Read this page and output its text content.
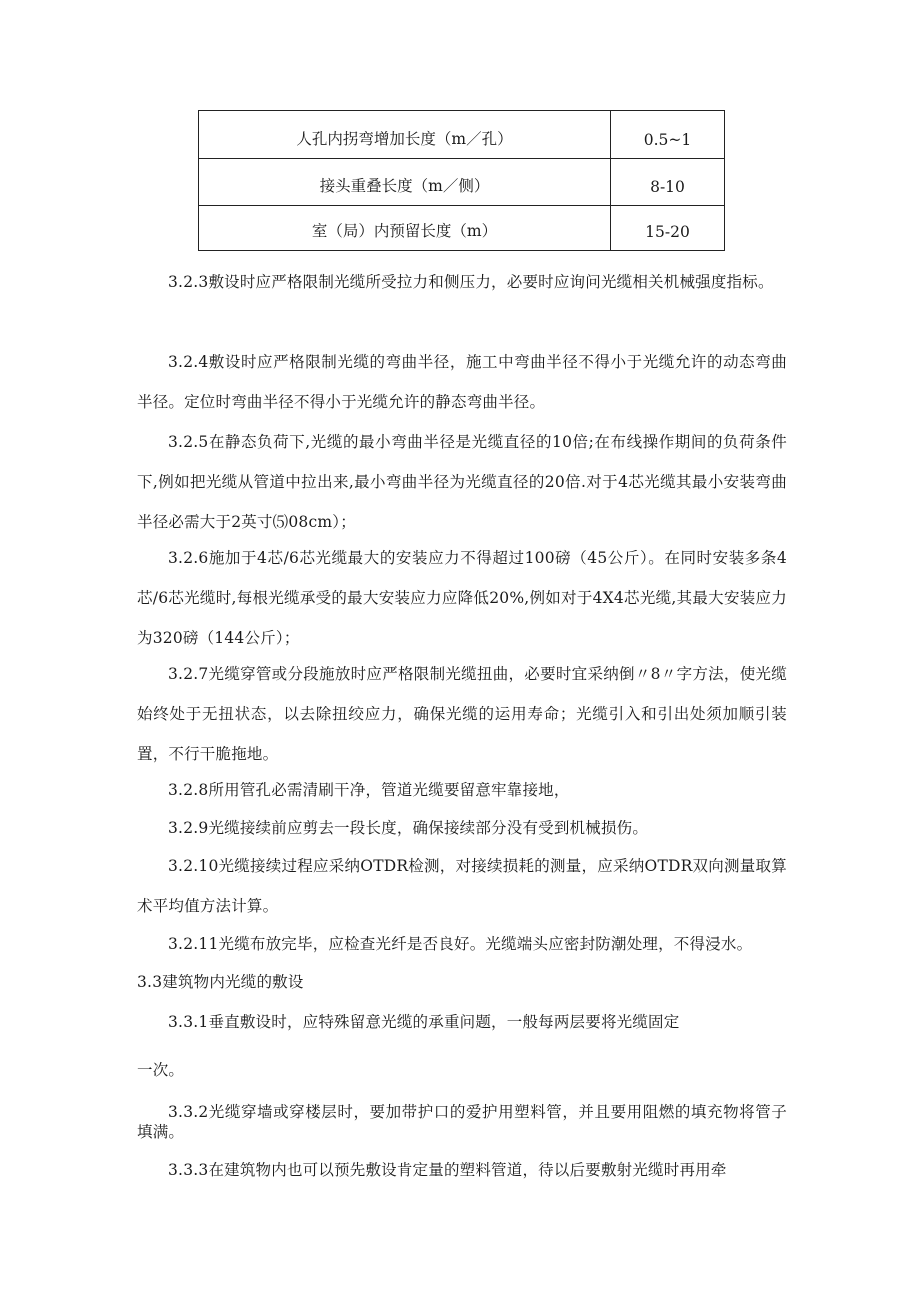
人孔内拐弯增加长度（m／孔）	0.5~1
接头重叠长度（m／侧）	8-10
室（局）内预留长度（m）	15-20

3.2.3敷设时应严格限制光缆所受拉力和侧压力，必要时应询问光缆相关机械强度指标。

3.2.4敷设时应严格限制光缆的弯曲半径，施工中弯曲半径不得小于光缆允许的动态弯曲半径。定位时弯曲半径不得小于光缆允许的静态弯曲半径。

3.2.5在静态负荷下,光缆的最小弯曲半径是光缆直径的10倍;在布线操作期间的负荷条件下,例如把光缆从管道中拉出来,最小弯曲半径为光缆直径的20倍.对于4芯光缆其最小安装弯曲半径必需大于2英寸⑸08cm）；

3.2.6施加于4芯/6芯光缆最大的安装应力不得超过100磅（45公斤）。在同时安装多条4芯/6芯光缆时,每根光缆承受的最大安装应力应降低20%,例如对于4X4芯光缆,其最大安装应力为320磅（144公斤）；

3.2.7光缆穿管或分段施放时应严格限制光缆扭曲，必要时宜采纳倒〃8〃字方法，使光缆始终处于无扭状态，以去除扭绞应力，确保光缆的运用寿命；光缆引入和引出处须加顺引装置，不行干脆拖地。

3.2.8所用管孔必需清刷干净，管道光缆要留意牢靠接地，

3.2.9光缆接续前应剪去一段长度，确保接续部分没有受到机械损伤。

3.2.10光缆接续过程应采纳OTDR检测，对接续损耗的测量，应采纳OTDR双向测量取算术平均值方法计算。

3.2.11光缆布放完毕，应检查光纤是否良好。光缆端头应密封防潮处理，不得浸水。

3.3建筑物内光缆的敷设

3.3.1垂直敷设时，应特殊留意光缆的承重问题，一般每两层要将光缆固定

一次。

3.3.2光缆穿墙或穿楼层时，要加带护口的爱护用塑料管，并且要用阻燃的填充物将管子填满。

3.3.3在建筑物内也可以预先敷设肯定量的塑料管道，待以后要敷射光缆时再用牵
